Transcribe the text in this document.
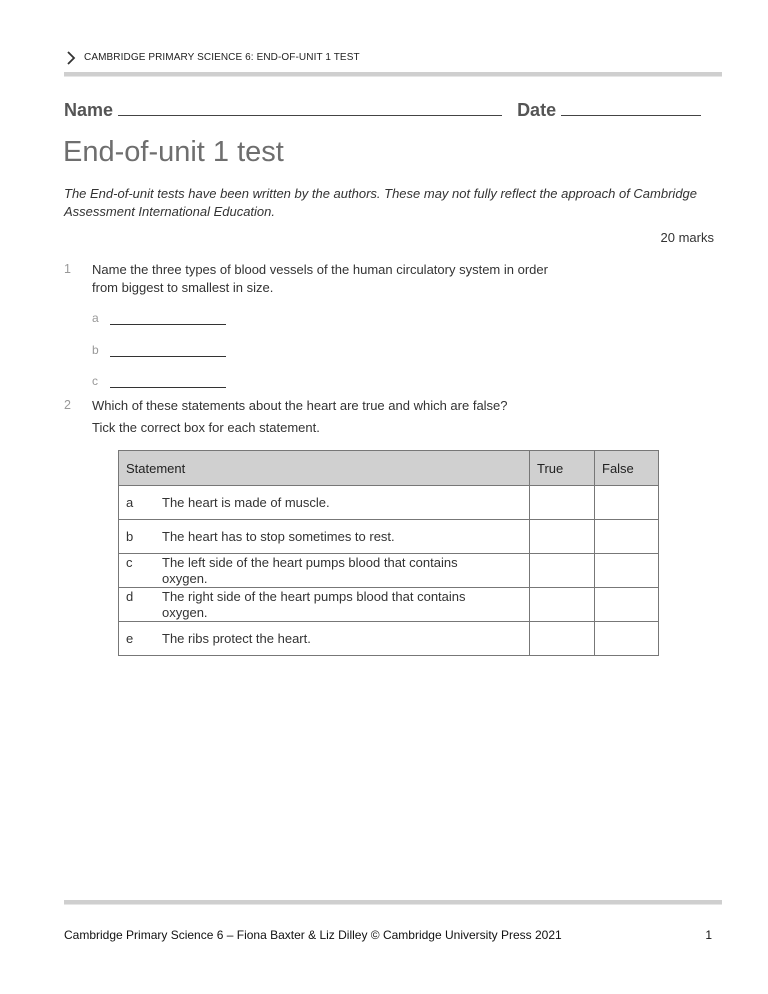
CAMBRIDGE PRIMARY SCIENCE 6: END-OF-UNIT 1 TEST
Name	Date
End-of-unit 1 test
The End-of-unit tests have been written by the authors. These may not fully reflect the approach of Cambridge Assessment International Education.
20 marks
1 Name the three types of blood vessels of the human circulatory system in order
from biggest to smallest in size.
a
b
c
2 Which of these statements about the heart are true and which are false?
Tick the correct box for each statement.
Statement	True	False
a The heart is made of muscle.		
b The heart has to stop sometimes to rest.		
c The left side of the heart pumps blood that contains
oxygen.		
d The right side of the heart pumps blood that contains
oxygen.		
e The ribs protect the heart.		
Cambridge Primary Science 6 – Fiona Baxter & Liz Dilley © Cambridge University Press 2021	1
